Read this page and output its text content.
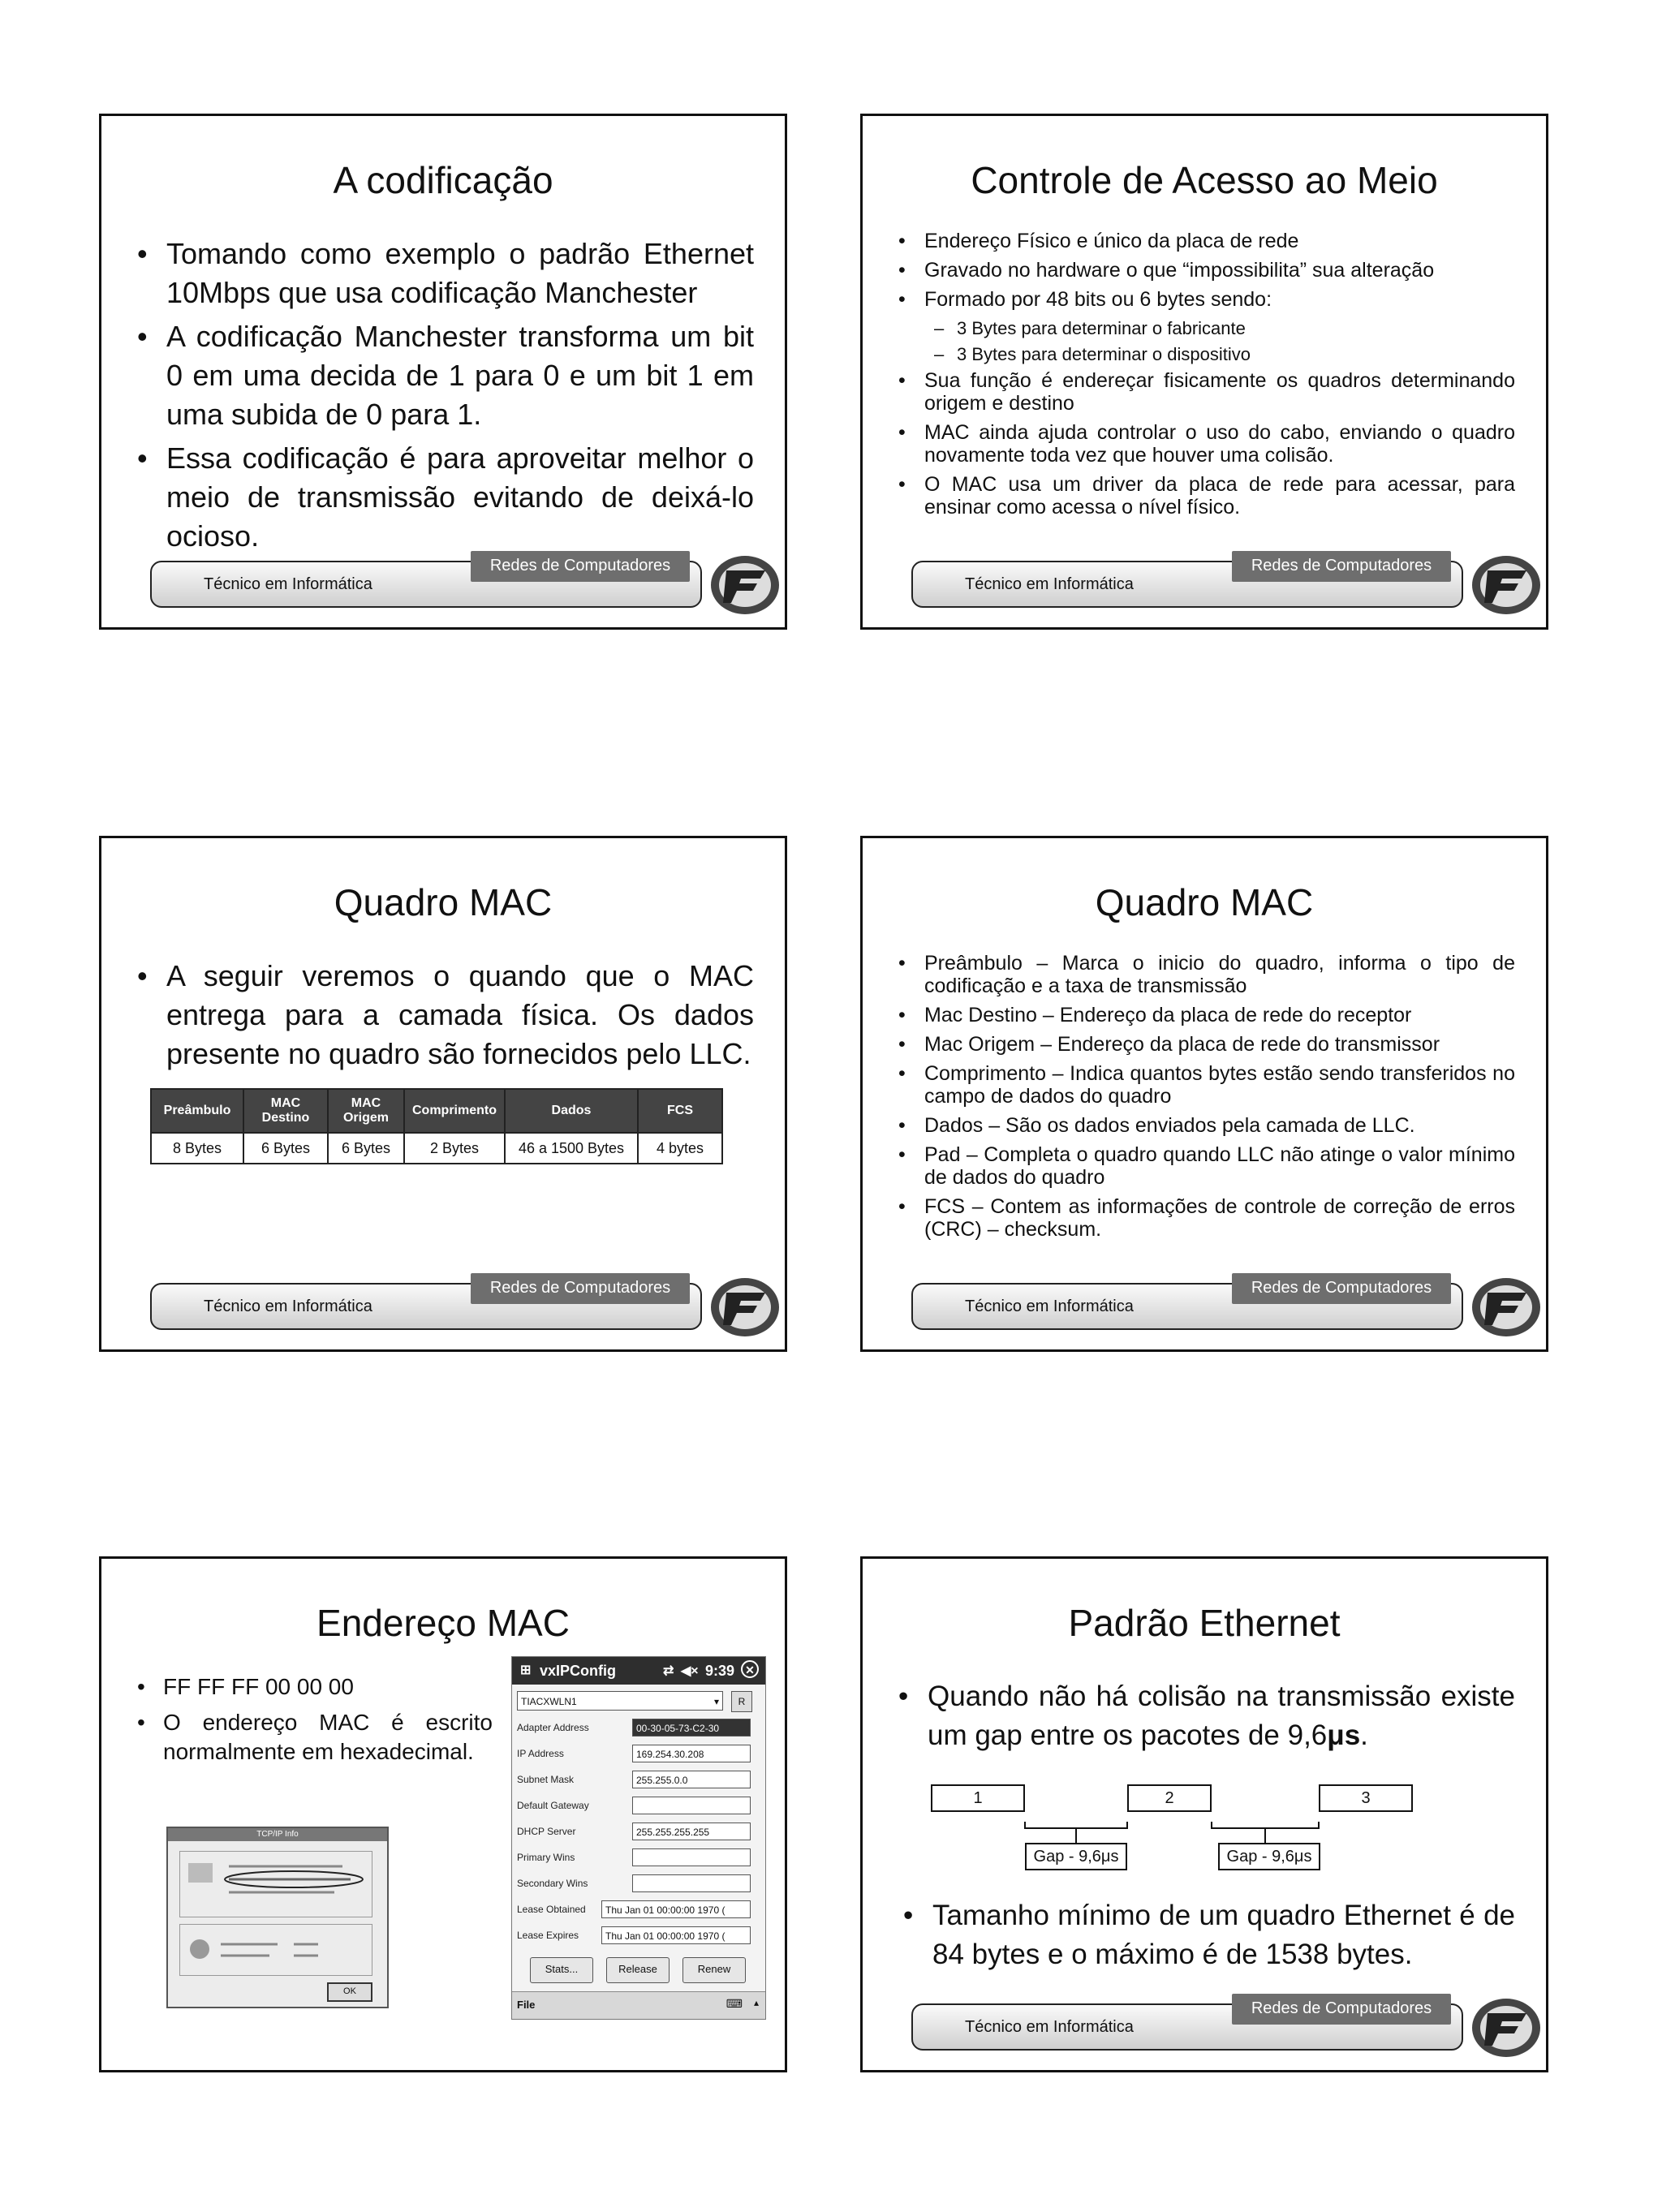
A codificação
• Tomando como exemplo o padrão Ethernet 10Mbps que usa codificação Manchester
• A codificação Manchester transforma um bit 0 em uma decida de 1 para 0 e um bit 1 em uma subida de 0 para 1.
• Essa codificação é para aproveitar melhor o meio de transmissão evitando de deixá-lo ocioso.
Técnico em Informática
Redes de Computadores
Controle de Acesso ao Meio
• Endereço Físico e único da placa de rede
• Gravado no hardware o que “impossibilita” sua alteração
• Formado por 48 bits ou 6 bytes sendo:
– 3 Bytes para determinar o fabricante
– 3 Bytes para determinar o dispositivo
• Sua função é endereçar fisicamente os quadros determinando origem e destino
• MAC ainda ajuda controlar o uso do cabo, enviando o quadro novamente toda vez que houver uma colisão.
• O MAC usa um driver da placa de rede para acessar, para ensinar como acessa o nível físico.
Técnico em Informática
Redes de Computadores
Quadro MAC
• A seguir veremos o quando que o MAC entrega para a camada física. Os dados presente no quadro são fornecidos pelo LLC.
Preâmbulo	MAC Destino	MAC Origem	Comprimento	Dados	FCS
8 Bytes	6 Bytes	6 Bytes	2 Bytes	46 a 1500 Bytes	4 bytes
Técnico em Informática
Redes de Computadores
Quadro MAC
• Preâmbulo – Marca o inicio do quadro, informa o tipo de codificação e a taxa de transmissão
• Mac Destino – Endereço da placa de rede do receptor
• Mac Origem – Endereço da placa de rede do transmissor
• Comprimento – Indica quantos bytes estão sendo transferidos no campo de dados do quadro
• Dados – São os dados enviados pela camada de LLC.
• Pad – Completa o quadro quando LLC não atinge o valor mínimo de dados do quadro
• FCS – Contem as informações de controle de correção de erros (CRC) – checksum.
Técnico em Informática
Redes de Computadores
Endereço MAC
• FF FF FF 00 00 00
• O endereço MAC é escrito normalmente em hexadecimal.
TCP/IP Info
OK
⊞ vxIPConfig	⇄ ◀× 9:39 ✕
TIACXWLN1	▾	R
Adapter Address	00-30-05-73-C2-30
IP Address	169.254.30.208
Subnet Mask	255.255.0.0
Default Gateway
DHCP Server	255.255.255.255
Primary Wins
Secondary Wins
Lease Obtained	Thu Jan 01 00:00:00 1970 (
Lease Expires	Thu Jan 01 00:00:00 1970 (
Stats...	Release	Renew
File	⌨ ▴
Padrão Ethernet
• Quando não há colisão na transmissão existe um gap entre os pacotes de 9,6μs.
1	2	3
Gap - 9,6μs	Gap - 9,6μs
• Tamanho mínimo de um quadro Ethernet é de 84 bytes e o máximo é de 1538 bytes.
Técnico em Informática
Redes de Computadores
